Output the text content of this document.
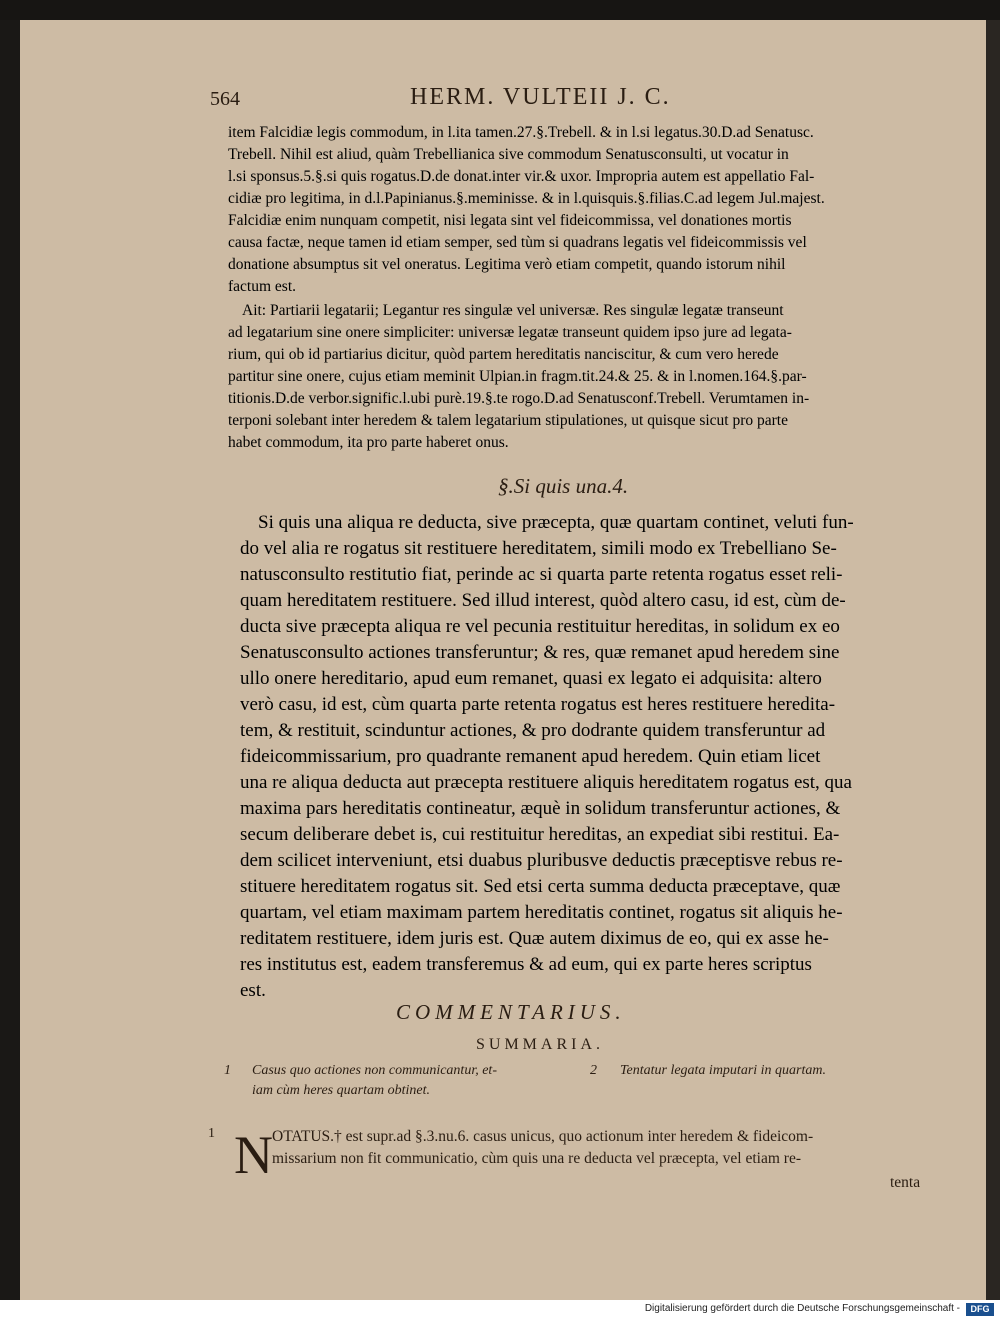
564	HERM. VULTEII J. C.
item Falcidiæ legis commodum, in l.ita tamen.27.§.Trebell. & in l.si legatus.30.D.ad Senatusc.
Trebell. Nihil est aliud, quàm Trebellianica sive commodum Senatusconsulti, ut vocatur in
l.si sponsus.5.§.si quis rogatus.D.de donat.inter vir.& uxor. Impropria autem est appellatio Fal-
cidiæ pro legitima, in d.l.Papinianus.§.meminisse. & in l.quisquis.§.filias.C.ad legem Jul.majest.
Falcidiæ enim nunquam competit, nisi legata sint vel fideicommissa, vel donationes mortis
causa factæ, neque tamen id etiam semper, sed tùm si quadrans legatis vel fideicommissis vel
donatione absumptus sit vel oneratus. Legitima verò etiam competit, quando istorum nihil
factum est.
Ait: Partiarii legatarii; Legantur res singulæ vel universæ. Res singulæ legatæ transeunt
ad legatarium sine onere simpliciter: universæ legatæ transeunt quidem ipso jure ad legata-
rium, qui ob id partiarius dicitur, quòd partem hereditatis nanciscitur, & cum vero herede
partitur sine onere, cujus etiam meminit Ulpian.in fragm.tit.24.& 25. & in l.nomen.164.§.par-
titionis.D.de verbor.signific.l.ubi purè.19.§.te rogo.D.ad Senatusconf.Trebell. Verumtamen in-
terponi solebant inter heredem & talem legatarium stipulationes, ut quisque sicut pro parte
habet commodum, ita pro parte haberet onus.
§.Si quis una.4.
Si quis una aliqua re deducta, sive præcepta, quæ quartam continet, veluti fun-
do vel alia re rogatus sit restituere hereditatem, simili modo ex Trebelliano Se-
natusconsulto restitutio fiat, perinde ac si quarta parte retenta rogatus esset reli-
quam hereditatem restituere. Sed illud interest, quòd altero casu, id est, cùm de-
ducta sive præcepta aliqua re vel pecunia restituitur hereditas, in solidum ex eo
Senatusconsulto actiones transferuntur; & res, quæ remanet apud heredem sine
ullo onere hereditario, apud eum remanet, quasi ex legato ei adquisita: altero
verò casu, id est, cùm quarta parte retenta rogatus est heres restituere heredita-
tem, & restituit, scinduntur actiones, & pro dodrante quidem transferuntur ad
fideicommissarium, pro quadrante remanent apud heredem. Quin etiam licet
una re aliqua deducta aut præcepta restituere aliquis hereditatem rogatus est, qua
maxima pars hereditatis contineatur, æquè in solidum transferuntur actiones, &
secum deliberare debet is, cui restituitur hereditas, an expediat sibi restitui. Ea-
dem scilicet interveniunt, etsi duabus pluribusve deductis præceptisve rebus re-
stituere hereditatem rogatus sit. Sed etsi certa summa deducta præceptave, quæ
quartam, vel etiam maximam partem hereditatis continet, rogatus sit aliquis he-
reditatem restituere, idem juris est. Quæ autem diximus de eo, qui ex asse he-
res institutus est, eadem transferemus & ad eum, qui ex parte heres scriptus
est.
COMMENTARIUS.
SUMMARIA.
1 Casus quo actiones non communicantur, et-
iam cùm heres quartam obtinet.
2 Tentatur legata imputari in quartam.
1 N OTATUS.† est supr.ad §.3.nu.6. casus unicus, quo actionum inter heredem & fideicom-
missarium non fit communicatio, cùm quis una re deducta vel præcepta, vel etiam re-
tenta
Digitalisierung gefördert durch die Deutsche Forschungsgemeinschaft -	DFG
